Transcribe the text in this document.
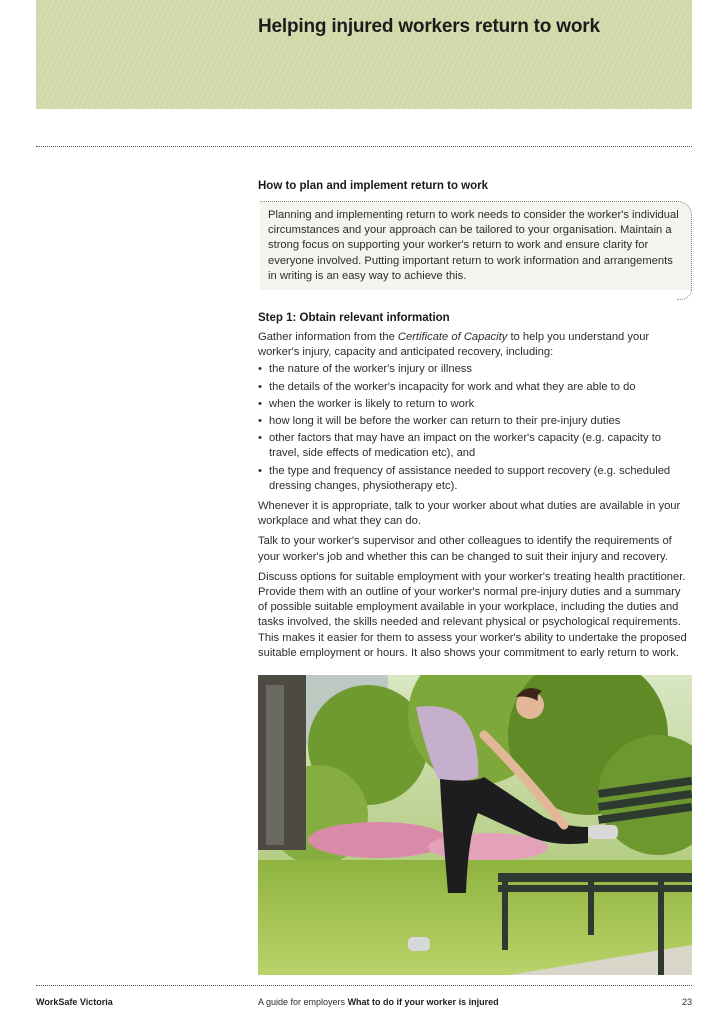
Helping injured workers return to work
How to plan and implement return to work
Planning and implementing return to work needs to consider the worker's individual circumstances and your approach can be tailored to your organisation. Maintain a strong focus on supporting your worker's return to work and ensure clarity for everyone involved. Putting important return to work information and arrangements in writing is an easy way to achieve this.
Step 1: Obtain relevant information

Gather information from the Certificate of Capacity to help you understand your worker's injury, capacity and anticipated recovery, including:

• the nature of the worker's injury or illness
• the details of the worker's incapacity for work and what they are able to do
• when the worker is likely to return to work
• how long it will be before the worker can return to their pre-injury duties
• other factors that may have an impact on the worker's capacity (e.g. capacity to travel, side effects of medication etc), and
• the type and frequency of assistance needed to support recovery (e.g. scheduled dressing changes, physiotherapy etc).

Whenever it is appropriate, talk to your worker about what duties are available in your workplace and what they can do.

Talk to your worker's supervisor and other colleagues to identify the requirements of your worker's job and whether this can be changed to suit their injury and recovery.

Discuss options for suitable employment with your worker's treating health practitioner. Provide them with an outline of your worker's normal pre-injury duties and a summary of possible suitable employment available in your workplace, including the duties and tasks involved, the skills needed and relevant physical or psychological requirements. This makes it easier for them to assess your worker's ability to undertake the proposed suitable employment or hours. It also shows your commitment to early return to work.

WorkSafe Victoria	A guide for employers What to do if your worker is injured	23
